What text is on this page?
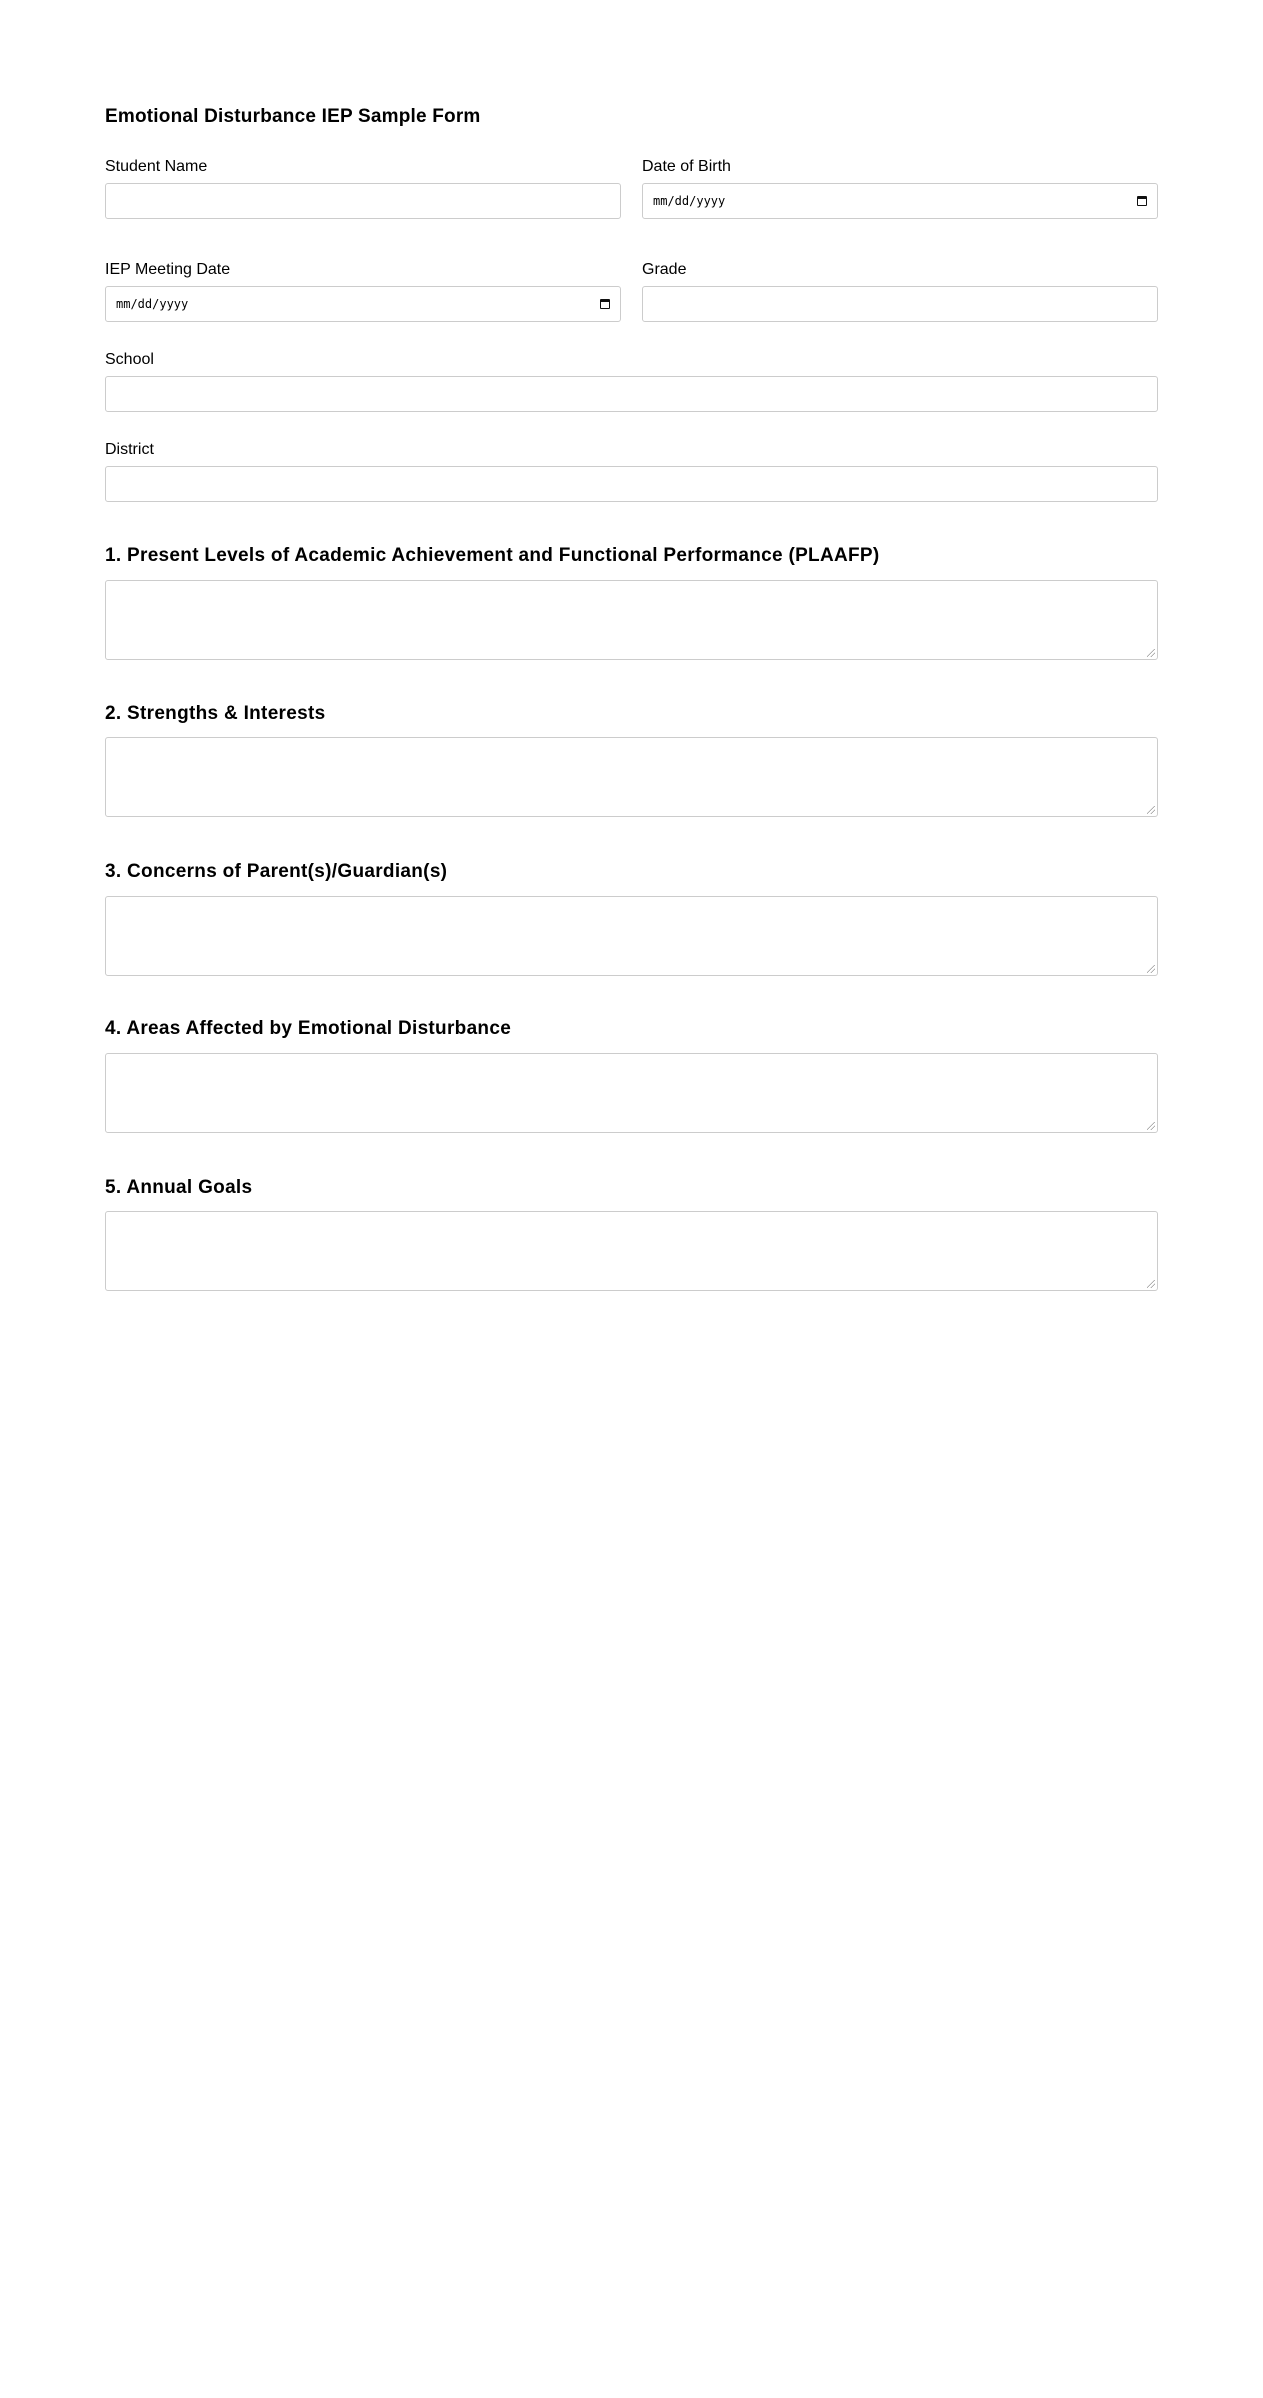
Emotional Disturbance IEP Sample Form
Student Name	Date of Birth
mm/dd/yyyy
IEP Meeting Date
mm/dd/yyyy
Grade
School
District
1. Present Levels of Academic Achievement and Functional Performance (PLAAFP)
2. Strengths & Interests
3. Concerns of Parent(s)/Guardian(s)
4. Areas Affected by Emotional Disturbance
5. Annual Goals
